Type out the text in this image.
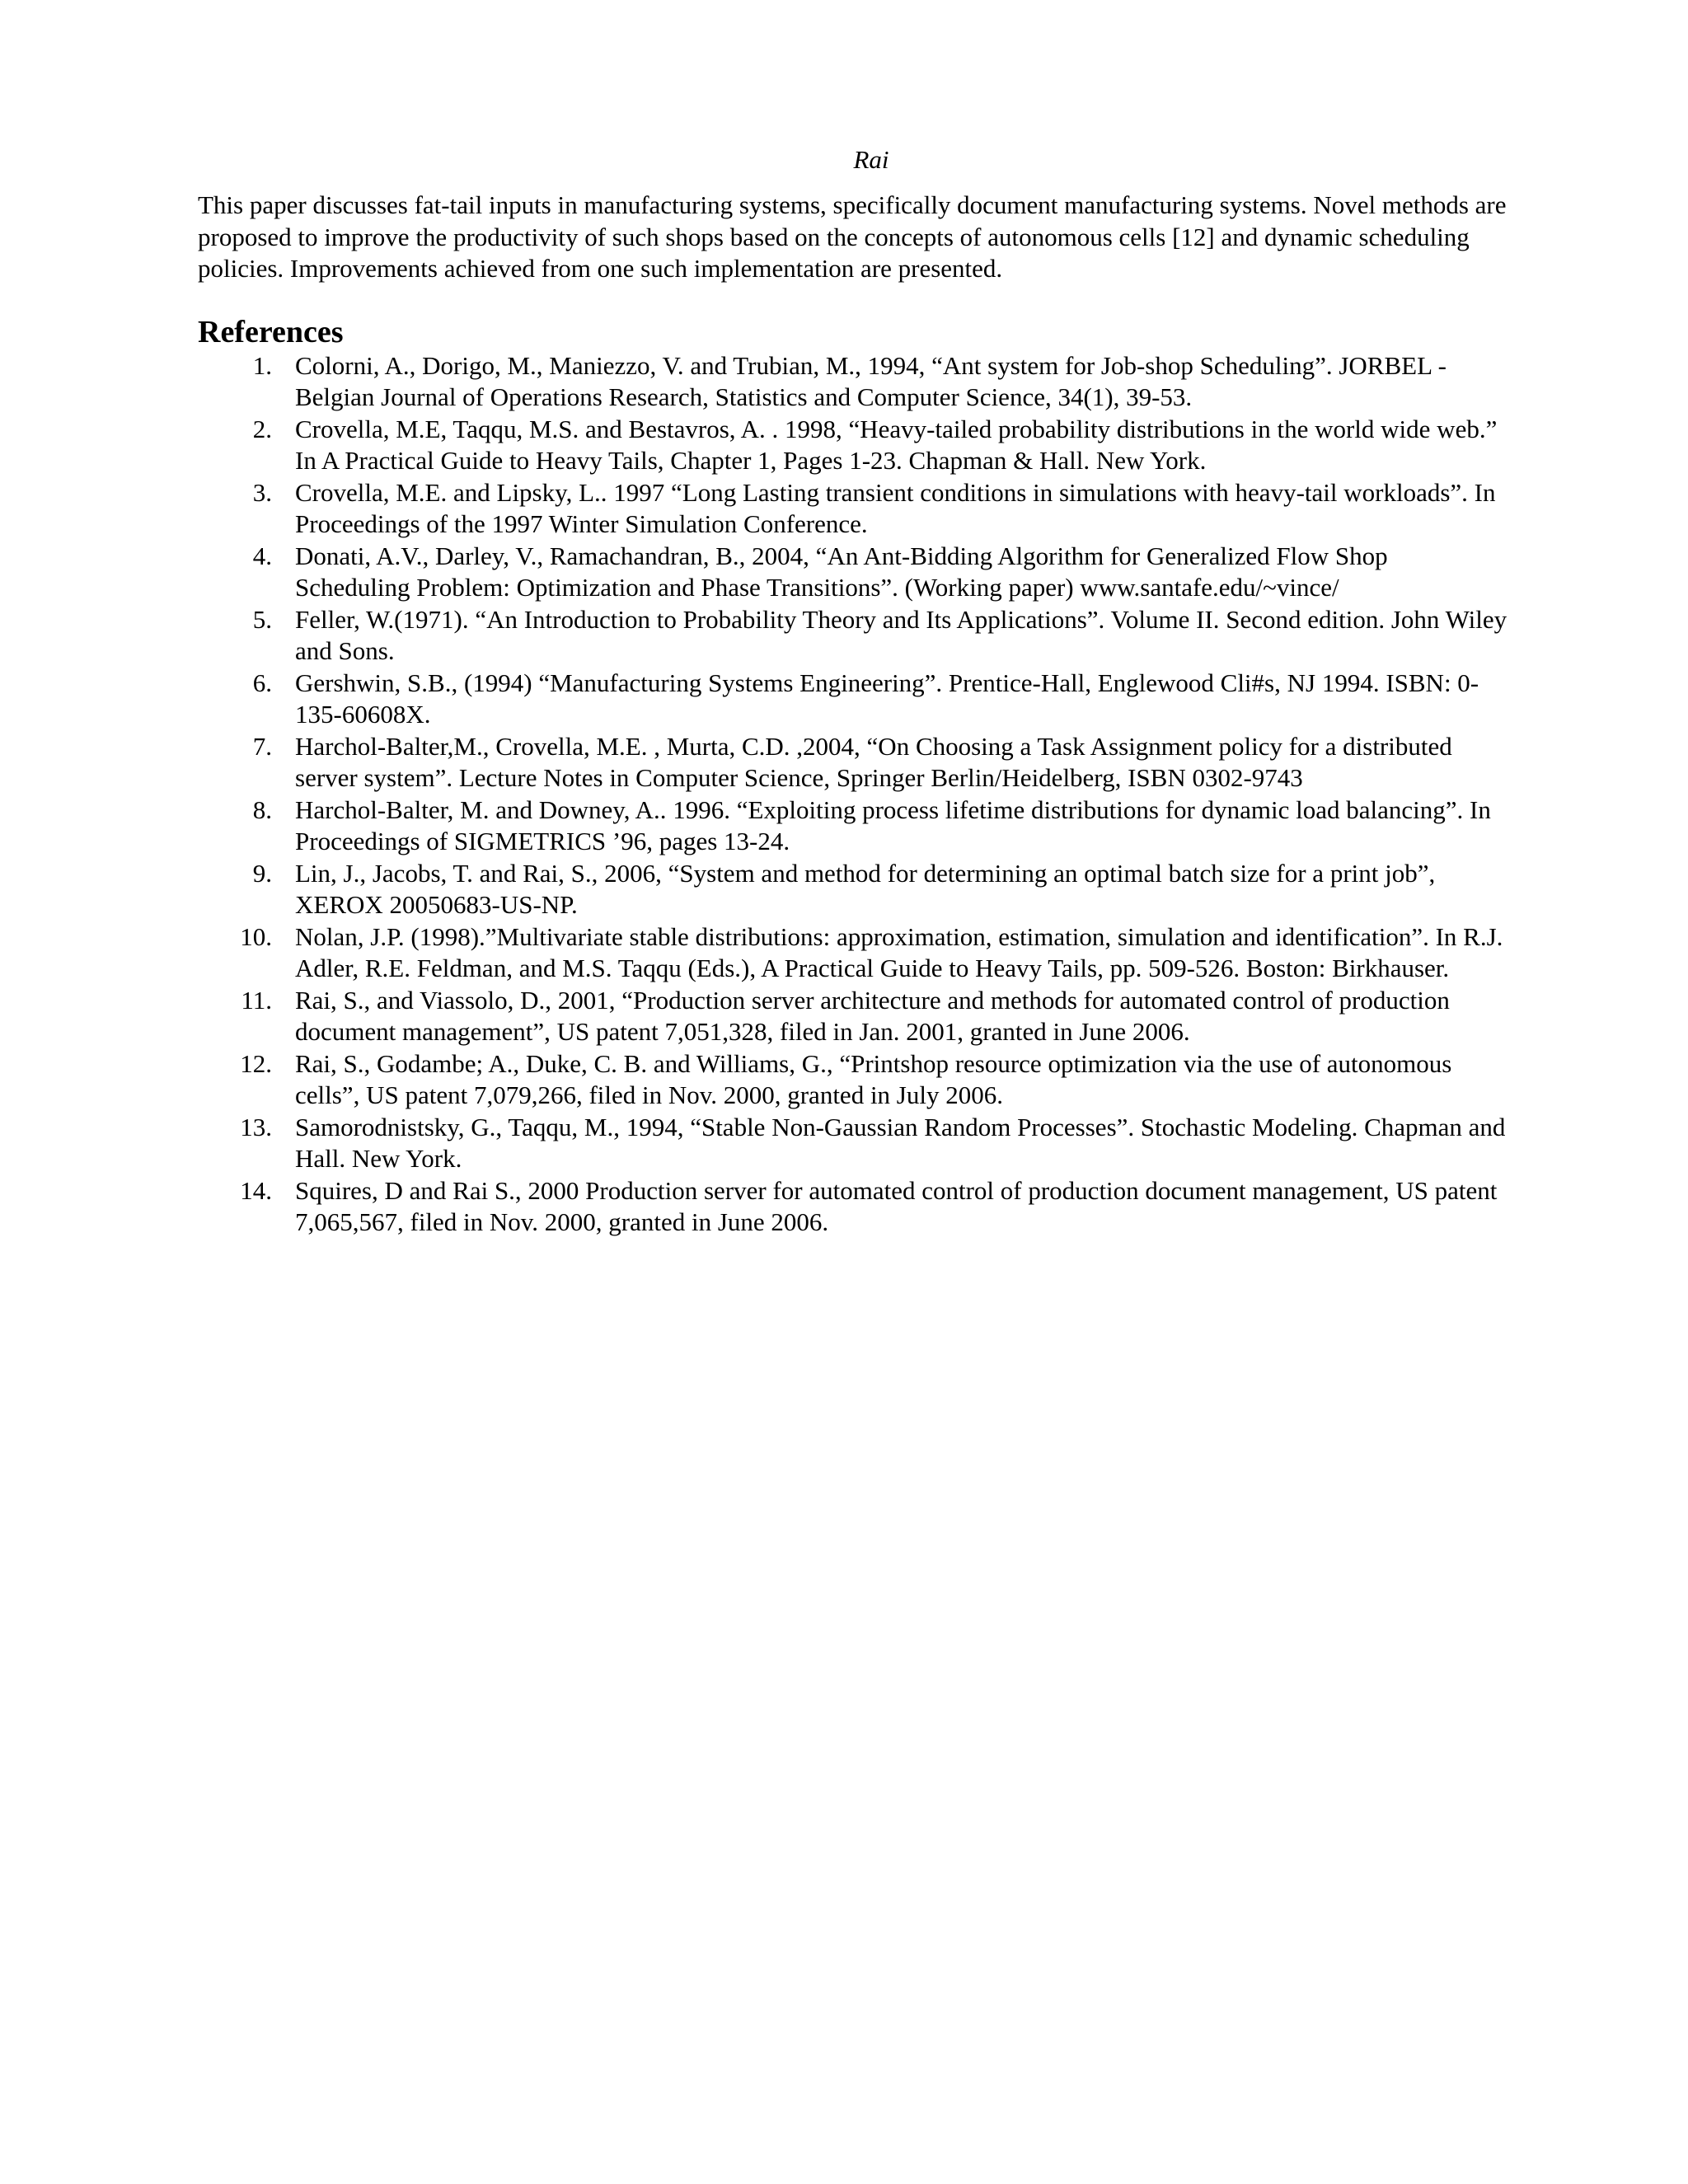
Rai

This paper discusses fat-tail inputs in manufacturing systems, specifically document manufacturing systems. Novel methods are proposed to improve the productivity of such shops based on the concepts of autonomous cells [12] and dynamic scheduling policies. Improvements achieved from one such implementation are presented.

References
1. Colorni, A., Dorigo, M., Maniezzo, V. and Trubian, M., 1994, “Ant system for Job-shop Scheduling”. JORBEL - Belgian Journal of Operations Research, Statistics and Computer Science, 34(1), 39-53.
2. Crovella, M.E, Taqqu, M.S. and Bestavros, A. . 1998, “Heavy-tailed probability distributions in the world wide web.” In A Practical Guide to Heavy Tails, Chapter 1, Pages 1-23. Chapman & Hall. New York.
3. Crovella, M.E. and Lipsky, L.. 1997 “Long Lasting transient conditions in simulations with heavy-tail workloads”. In Proceedings of the 1997 Winter Simulation Conference.
4. Donati, A.V., Darley, V., Ramachandran, B., 2004, “An Ant-Bidding Algorithm for Generalized Flow Shop Scheduling Problem: Optimization and Phase Transitions”. (Working paper) www.santafe.edu/~vince/
5. Feller, W.(1971). “An Introduction to Probability Theory and Its Applications”. Volume II. Second edition. John Wiley and Sons.
6. Gershwin, S.B., (1994) “Manufacturing Systems Engineering”. Prentice-Hall, Englewood Cli#s, NJ 1994. ISBN: 0-135-60608X.
7. Harchol-Balter,M., Crovella, M.E. , Murta, C.D. ,2004, “On Choosing a Task Assignment policy for a distributed server system”. Lecture Notes in Computer Science, Springer Berlin/Heidelberg, ISBN 0302-9743
8. Harchol-Balter, M. and Downey, A.. 1996. “Exploiting process lifetime distributions for dynamic load balancing”. In Proceedings of SIGMETRICS ’96, pages 13-24.
9. Lin, J., Jacobs, T. and Rai, S., 2006, “System and method for determining an optimal batch size for a print job”, XEROX 20050683-US-NP.
10. Nolan, J.P. (1998).”Multivariate stable distributions: approximation, estimation, simulation and identification”. In R.J. Adler, R.E. Feldman, and M.S. Taqqu (Eds.), A Practical Guide to Heavy Tails, pp. 509-526. Boston: Birkhauser.
11. Rai, S., and Viassolo, D., 2001, “Production server architecture and methods for automated control of production document management”, US patent 7,051,328, filed in Jan. 2001, granted in June 2006.
12. Rai, S., Godambe; A., Duke, C. B. and Williams, G., “Printshop resource optimization via the use of autonomous cells”, US patent 7,079,266, filed in Nov. 2000, granted in July 2006.
13. Samorodnistsky, G., Taqqu, M., 1994, “Stable Non-Gaussian Random Processes”. Stochastic Modeling. Chapman and Hall. New York.
14. Squires, D and Rai S., 2000 Production server for automated control of production document management, US patent 7,065,567, filed in Nov. 2000, granted in June 2006.
